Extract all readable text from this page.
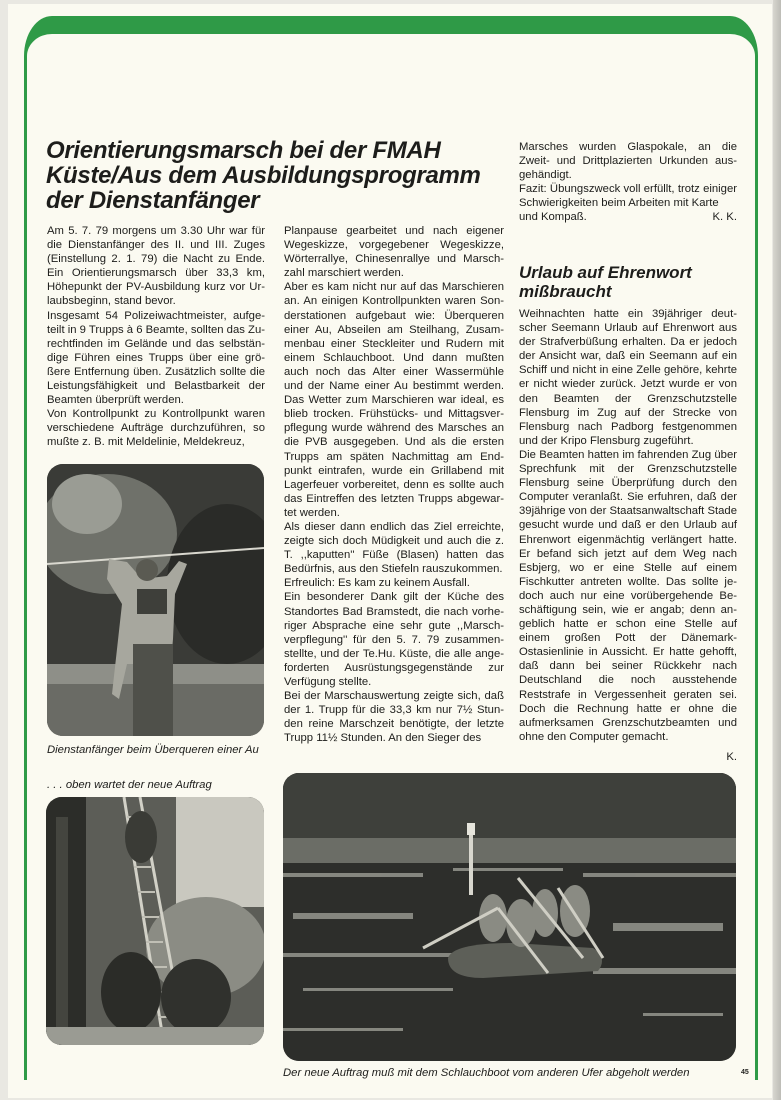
Orientierungsmarsch bei der FMAH Küste/Aus dem Ausbildungsprogramm der Dienstanfänger

Am 5. 7. 79 morgens um 3.30 Uhr war für die Dienstanfänger des II. und III. Zuges (Einstellung 2. 1. 79) die Nacht zu Ende. Ein Orientierungsmarsch über 33,3 km, Höhepunkt der PV-Ausbildung kurz vor Urlaubsbeginn, stand bevor.

Insgesamt 54 Polizeiwachtmeister, aufgeteilt in 9 Trupps à 6 Beamte, sollten das Zurechtfinden im Gelände und das selbständige Führen eines Trupps über eine größere Entfernung üben. Zusätzlich sollte die Leistungsfähigkeit und Belastbarkeit der Beamten überprüft werden.

Von Kontrollpunkt zu Kontrollpunkt waren verschiedene Aufträge durchzuführen, so mußte z. B. mit Meldelinie, Meldekreuz,

Planpause gearbeitet und nach eigener Wegeskizze, vorgegebener Wegeskizze, Wörterrallye, Chinesenrallye und Marschzahl marschiert werden.

Aber es kam nicht nur auf das Marschieren an. An einigen Kontrollpunkten waren Sonderstationen aufgebaut wie: Überqueren einer Au, Abseilen am Steilhang, Zusammenbau einer Steckleiter und Rudern mit einem Schlauchboot. Und dann mußten auch noch das Alter einer Wassermühle und der Name einer Au bestimmt werden. Das Wetter zum Marschieren war ideal, es blieb trocken. Frühstücks- und Mittagsverpflegung wurde während des Marsches an die PVB ausgegeben. Und als die ersten Trupps am späten Nachmittag am Endpunkt eintrafen, wurde ein Grillabend mit Lagerfeuer vorbereitet, denn es sollte auch das Eintreffen des letzten Trupps abgewartet werden.

Als dieser dann endlich das Ziel erreichte, zeigte sich doch Müdigkeit und auch die z. T. ,,kaputten'' Füße (Blasen) hatten das Bedürfnis, aus den Stiefeln rauszukommen.

Erfreulich: Es kam zu keinem Ausfall.

Ein besonderer Dank gilt der Küche des Standortes Bad Bramstedt, die nach vorheriger Absprache eine sehr gute ,,Marschverpflegung'' für den 5. 7. 79 zusammenstellte, und der Te.Hu. Küste, die alle angeforderten Ausrüstungsgegenstände zur Verfügung stellte.

Bei der Marschauswertung zeigte sich, daß der 1. Trupp für die 33,3 km nur 7½ Stunden reine Marschzeit benötigte, der letzte Trupp 11½ Stunden. An den Sieger des

Marsches wurden Glaspokale, an die Zweit- und Drittplazierten Urkunden ausgehändigt.

Fazit: Übungszweck voll erfüllt, trotz einiger Schwierigkeiten beim Arbeiten mit Karte

und Kompaß.	K. K.
Urlaub auf Ehrenwort mißbraucht

Weihnachten hatte ein 39jähriger deutscher Seemann Urlaub auf Ehrenwort aus der Strafverbüßung erhalten. Da er jedoch der Ansicht war, daß ein Seemann auf ein Schiff und nicht in eine Zelle gehöre, kehrte er nicht wieder zurück. Jetzt wurde er von den Beamten der Grenzschutzstelle Flensburg im Zug auf der Strecke von Flensburg nach Padborg festgenommen und der Kripo Flensburg zugeführt.

Die Beamten hatten im fahrenden Zug über Sprechfunk mit der Grenzschutzstelle Flensburg seine Überprüfung durch den Computer veranlaßt. Sie erfuhren, daß der 39jährige von der Staatsanwaltschaft Stade gesucht wurde und daß er den Urlaub auf Ehrenwort eigenmächtig verlängert hatte. Er befand sich jetzt auf dem Weg nach Esbjerg, wo er eine Stelle auf einem Fischkutter antreten wollte. Das sollte jedoch auch nur eine vorübergehende Beschäftigung sein, wie er angab; denn angeblich hatte er schon eine Stelle auf einem großen Pott der Dänemark-Ostasienlinie in Aussicht. Er hatte gehofft, daß dann bei seiner Rückkehr nach Deutschland die noch ausstehende Reststrafe in Vergessenheit geraten sei. Doch die Rechnung hatte er ohne die aufmerksamen Grenzschutzbeamten und ohne den Computer gemacht.

K.
Dienstanfänger beim Überqueren einer Au
. . . oben wartet der neue Auftrag
Der neue Auftrag muß mit dem Schlauchboot vom anderen Ufer abgeholt werden	45
